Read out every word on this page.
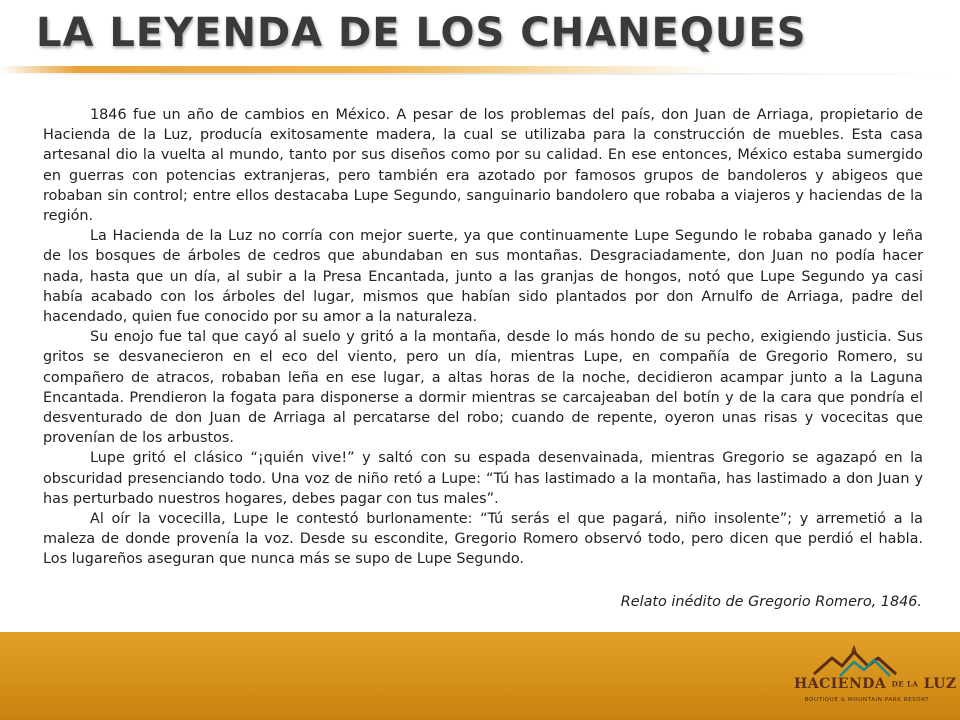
LA LEYENDA DE LOS CHANEQUES

1846 fue un año de cambios en México. A pesar de los problemas del país, don Juan de Arriaga, propietario de Hacienda de la Luz, producía exitosamente madera, la cual se utilizaba para la construcción de muebles. Esta casa artesanal dio la vuelta al mundo, tanto por sus diseños como por su calidad. En ese entonces, México estaba sumergido en guerras con potencias extranjeras, pero también era azotado por famosos grupos de bandoleros y abigeos que robaban sin control; entre ellos destacaba Lupe Segundo, sanguinario bandolero que robaba a viajeros y haciendas de la región.

La Hacienda de la Luz no corría con mejor suerte, ya que continuamente Lupe Segundo le robaba ganado y leña de los bosques de árboles de cedros que abundaban en sus montañas. Desgraciadamente, don Juan no podía hacer nada, hasta que un día, al subir a la Presa Encantada, junto a las granjas de hongos, notó que Lupe Segundo ya casi había acabado con los árboles del lugar, mismos que habían sido plantados por don Arnulfo de Arriaga, padre del hacendado, quien fue conocido por su amor a la naturaleza.

Su enojo fue tal que cayó al suelo y gritó a la montaña, desde lo más hondo de su pecho, exigiendo justicia. Sus gritos se desvanecieron en el eco del viento, pero un día, mientras Lupe, en compañía de Gregorio Romero, su compañero de atracos, robaban leña en ese lugar, a altas horas de la noche, decidieron acampar junto a la Laguna Encantada. Prendieron la fogata para disponerse a dormir mientras se carcajeaban del botín y de la cara que pondría el desventurado de don Juan de Arriaga al percatarse del robo; cuando de repente, oyeron unas risas y vocecitas que provenían de los arbustos.

Lupe gritó el clásico “¡quién vive!” y saltó con su espada desenvainada, mientras Gregorio se agazapó en la obscuridad presenciando todo. Una voz de niño retó a Lupe: “Tú has lastimado a la montaña, has lastimado a don Juan y has perturbado nuestros hogares, debes pagar con tus males”.

Al oír la vocecilla, Lupe le contestó burlonamente: “Tú serás el que pagará, niño insolente”; y arremetió a la maleza de donde provenía la voz. Desde su escondite, Gregorio Romero observó todo, pero dicen que perdió el habla. Los lugareños aseguran que nunca más se supo de Lupe Segundo.

Relato inédito de Gregorio Romero, 1846.

HACIENDA DE LA LUZ
BOUTIQUE & MOUNTAIN PARK RESORT
